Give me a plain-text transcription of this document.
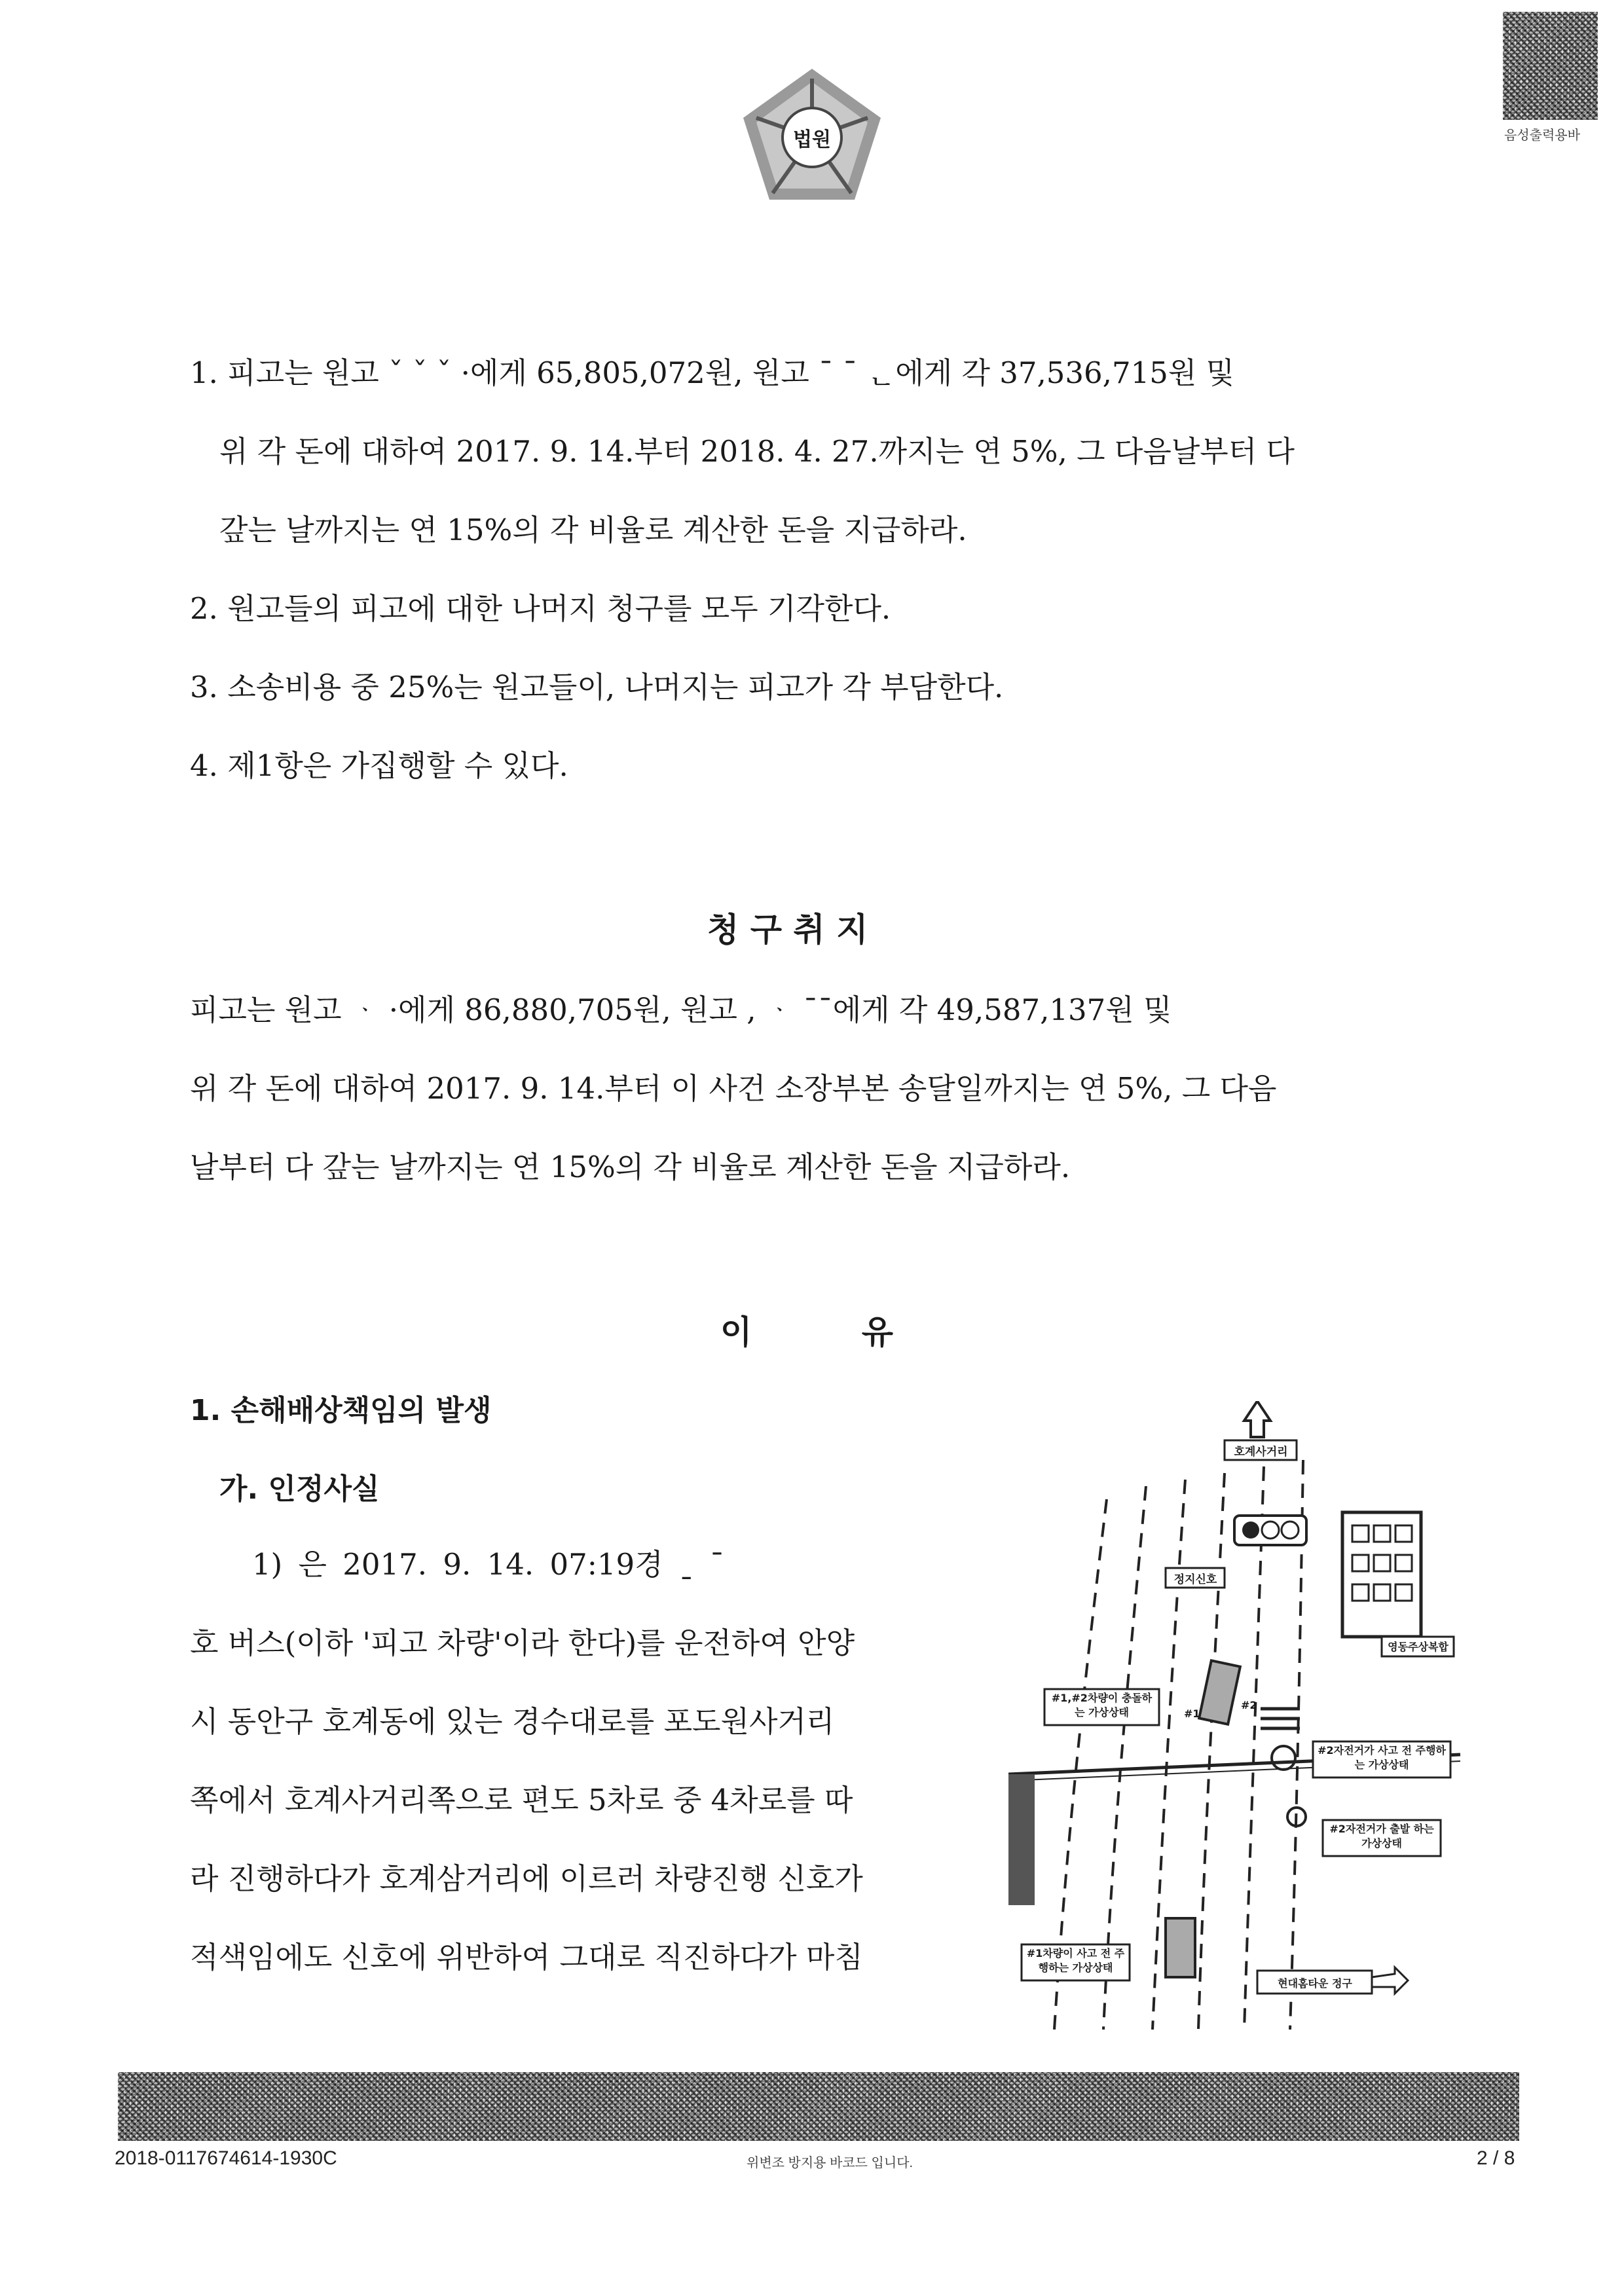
법원	음성출력용바
1. 피고는 원고 ˇ ˇ ˇ ·에게 65,805,072원, 원고 ˉ ˉ ᆫ에게 각 37,536,715원 및
위 각 돈에 대하여 2017. 9. 14.부터 2018. 4. 27.까지는 연 5%, 그 다음날부터 다
갚는 날까지는 연 15%의 각 비율로 계산한 돈을 지급하라.
2. 원고들의 피고에 대한 나머지 청구를 모두 기각한다.
3. 소송비용 중 25%는 원고들이, 나머지는 피고가 각 부담한다.
4. 제1항은 가집행할 수 있다.
청 구 취 지
피고는 원고 ᆞ ·에게 86,880,705원, 원고 , ᆞ ˉˉ에게 각 49,587,137원 및
위 각 돈에 대하여 2017. 9. 14.부터 이 사건 소장부본 송달일까지는 연 5%, 그 다음
날부터 다 갚는 날까지는 연 15%의 각 비율로 계산한 돈을 지급하라.
이 유
1. 손해배상책임의 발생
가. 인정사실
1) 은 2017. 9. 14. 07:19경 ˍ ˉ
호 버스(이하 '피고 차량'이라 한다)를 운전하여 안양
시 동안구 호계동에 있는 경수대로를 포도원사거리
쪽에서 호계사거리쪽으로 편도 5차로 중 4차로를 따
라 진행하다가 호계삼거리에 이르러 차량진행 신호가
적색임에도 신호에 위반하여 그대로 직진하다가 마침
호계사거리
정지신호
영동주상복합
#1,#2차량이 충돌하는 가상상태
#2자전거가 사고 전 주행하는 가상상태
#2자전거가 출발 하는 가상상태
#1차량이 사고 전 주행하는 가상상태
현대홈타운 정구
#1
#2
2018-0117674614-1930C	위변조 방지용 바코드 입니다.	2 / 8
